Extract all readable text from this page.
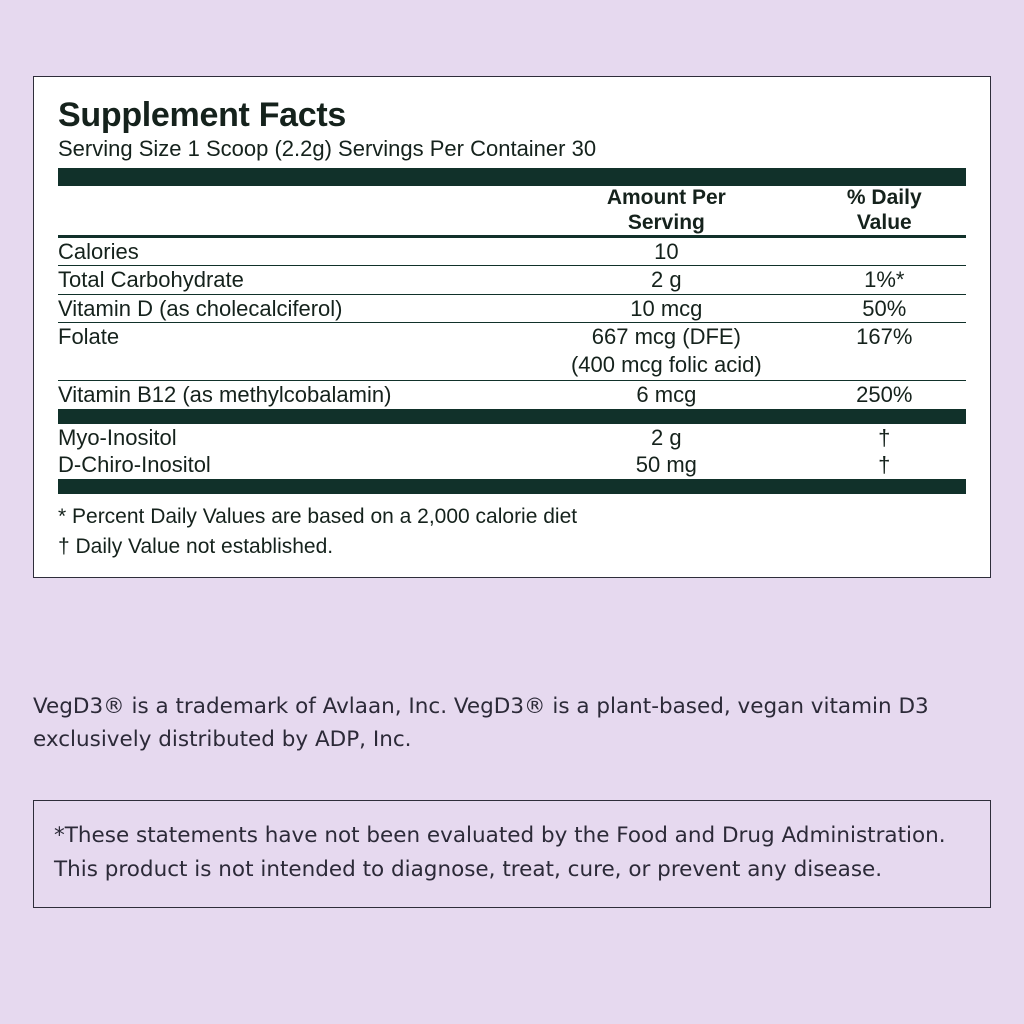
Supplement Facts
Serving Size 1 Scoop (2.2g) Servings Per Container 30

Amount Per
Serving

% Daily
Value

Calories	10	
Total Carbohydrate	2 g	1%*
Vitamin D (as cholecalciferol)	10 mcg	50%
Folate	667 mcg (DFE)	167%
	(400 mcg folic acid)	
Vitamin B12 (as methylcobalamin)	6 mcg	250%
Myo-Inositol	2 g	†
D-Chiro-Inositol	50 mg	†
* Percent Daily Values are based on a 2,000 calorie diet
† Daily Value not established.
VegD3® is a trademark of Avlaan, Inc. VegD3® is a plant-based, vegan vitamin D3 exclusively distributed by ADP, Inc.
*These statements have not been evaluated by the Food and Drug Administration. This product is not intended to diagnose, treat, cure, or prevent any disease.
